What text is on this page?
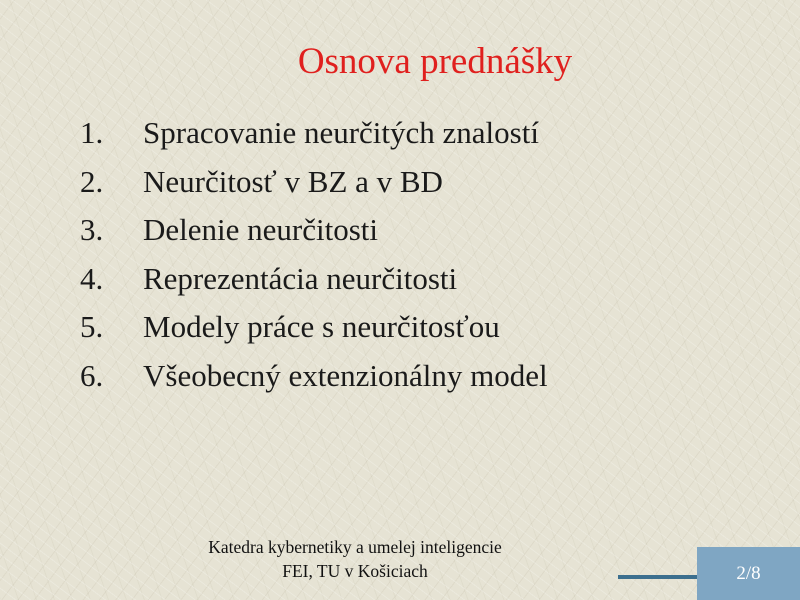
Osnova prednášky
1. Spracovanie neurčitých znalostí
2. Neurčitosť v BZ a v BD
3. Delenie neurčitosti
4. Reprezentácia neurčitosti
5. Modely práce s neurčitosťou
6. Všeobecný extenzionálny model
Katedra kybernetiky a umelej inteligencie
FEI, TU v Košiciach	2/8
